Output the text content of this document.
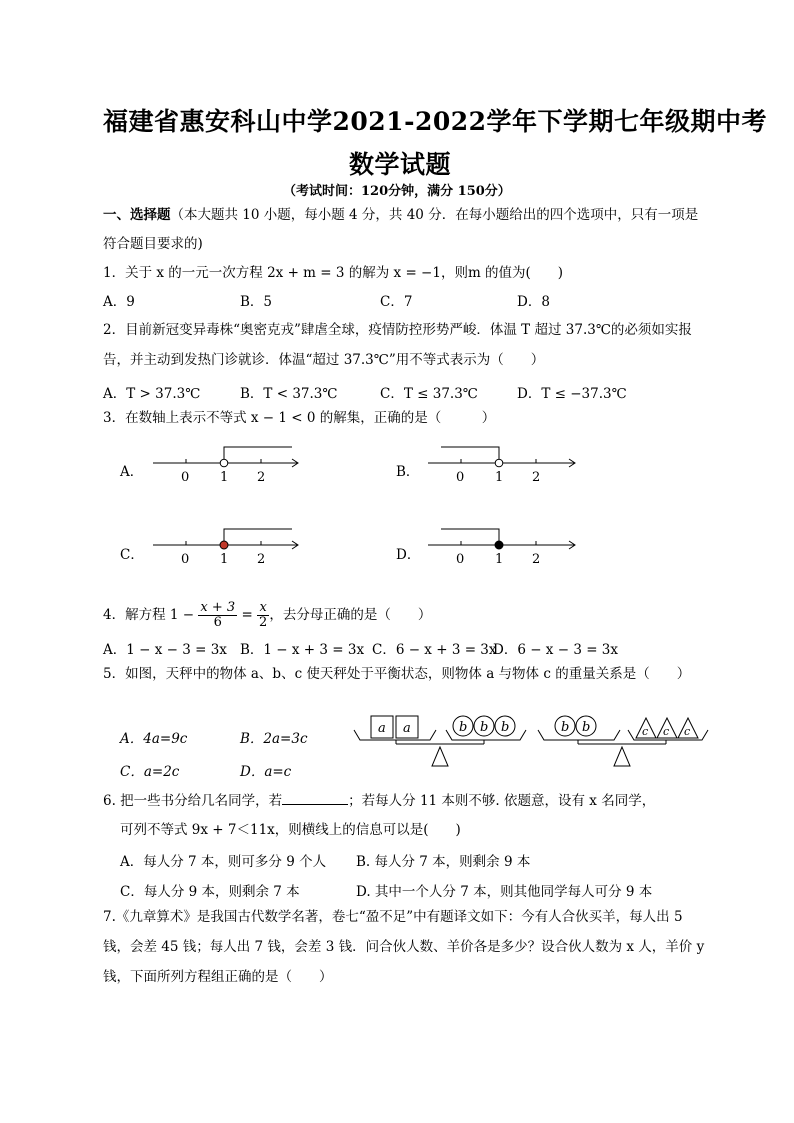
福建省惠安科山中学2021-2022学年下学期七年级期中考
数学试题
（考试时间：120分钟，满分 150分）
一、选择题（本大题共 10 小题，每小题 4 分，共 40 分．在每小题给出的四个选项中，只有一项是
符合题目要求的)
1．关于 x 的一元一次方程 2x + m = 3 的解为 x = −1，则m 的值为(　　)
A．9	B．5	C．7	D．8
2．目前新冠变异毒株“奥密克戎”肆虐全球，疫情防控形势严峻．体温 T 超过 37.3℃的必须如实报
告，并主动到发热门诊就诊．体温“超过 37.3℃”用不等式表示为（　　）
A．T > 37.3℃	B．T < 37.3℃	C．T ≤ 37.3℃	D．T ≤ −37.3℃
3．在数轴上表示不等式 x − 1 < 0 的解集，正确的是（　　　）
A．	0 1 2	B．	0 1 2
C．	0 1 2	D．	0 1 2
4．解方程 $1 - \frac{x + 3}{6} = \frac{x}{2}$ ，去分母正确的是（　　）
A．1 − x − 3 = 3x B．1 − x + 3 = 3x C．6 − x + 3 = 3x
D．6 − x − 3 = 3x
5．如图，天秤中的物体 a、b、c 使天秤处于平衡状态，则物体 a 与物体 c 的重量关系是（　　）
A．4a=9c	B．2a=3c
C．a=2c	D．a=c
a a	b b b	b b	c c c
6. 把一些书分给几名同学，若	；若每人分 11 本则不够. 依题意，设有 x 名同学，
可列不等式 9x + 7＜11x，则横线上的信息可以是(　　)
A．每人分 7 本，则可多分 9 个人 B. 每人分 7 本，则剩余 9 本
C．每人分 9 本，则剩余 7 本	D. 其中一个人分 7 本，则其他同学每人可分 9 本
7.《九章算术》是我国古代数学名著，卷七“盈不足”中有题译文如下：今有人合伙买羊，每人出 5
钱，会差 45 钱；每人出 7 钱，会差 3 钱．问合伙人数、羊价各是多少？设合伙人数为 x 人，羊价 y
钱，下面所列方程组正确的是（　　）
